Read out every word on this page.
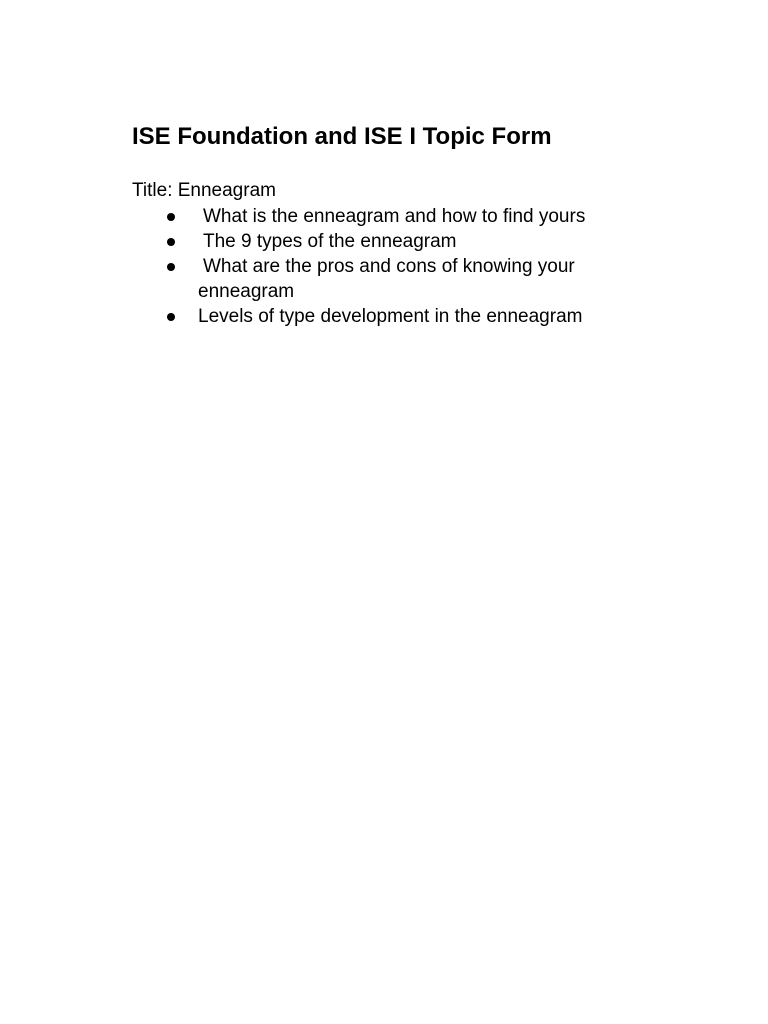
ISE Foundation and ISE I Topic Form
Title: Enneagram
What is the enneagram and how to find yours
The 9 types of the enneagram
What are the pros and cons of knowing your enneagram
Levels of type development in the enneagram
